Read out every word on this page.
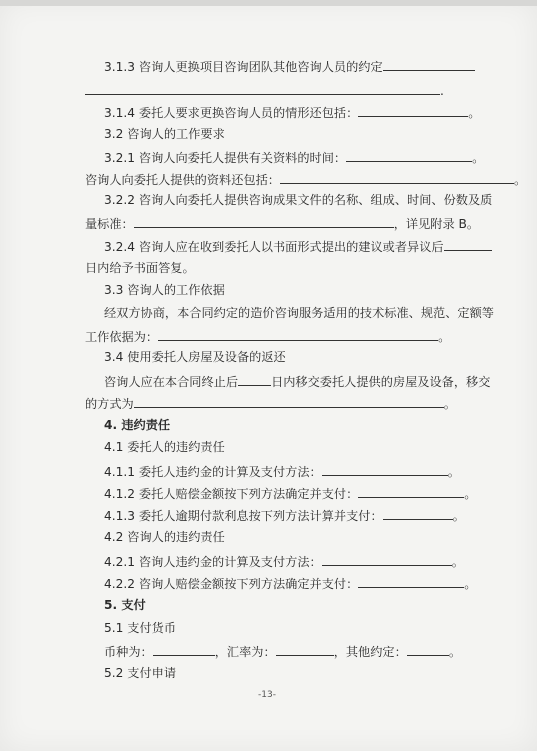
3.1.3 咨询人更换项目咨询团队其他咨询人员的约定
.
3.1.4 委托人要求更换咨询人员的情形还包括：	。
3.2 咨询人的工作要求
3.2.1 咨询人向委托人提供有关资料的时间：	。
咨询人向委托人提供的资料还包括：	。
3.2.2 咨询人向委托人提供咨询成果文件的名称、组成、时间、份数及质
量标准：	，详见附录 B。
3.2.4 咨询人应在收到委托人以书面形式提出的建议或者异议后
日内给予书面答复。
3.3 咨询人的工作依据
经双方协商，本合同约定的造价咨询服务适用的技术标准、规范、定额等
工作依据为：	。
3.4 使用委托人房屋及设备的返还
咨询人应在本合同终止后	日内移交委托人提供的房屋及设备，移交
的方式为	。
4. 违约责任
4.1 委托人的违约责任
4.1.1 委托人违约金的计算及支付方法：	。
4.1.2 委托人赔偿金额按下列方法确定并支付：	。
4.1.3 委托人逾期付款利息按下列方法计算并支付：	。
4.2 咨询人的违约责任
4.2.1 咨询人违约金的计算及支付方法：	。
4.2.2 咨询人赔偿金额按下列方法确定并支付：	。
5. 支付
5.1 支付货币
币种为：	，汇率为：	，其他约定：	。
5.2 支付申请
-13-
